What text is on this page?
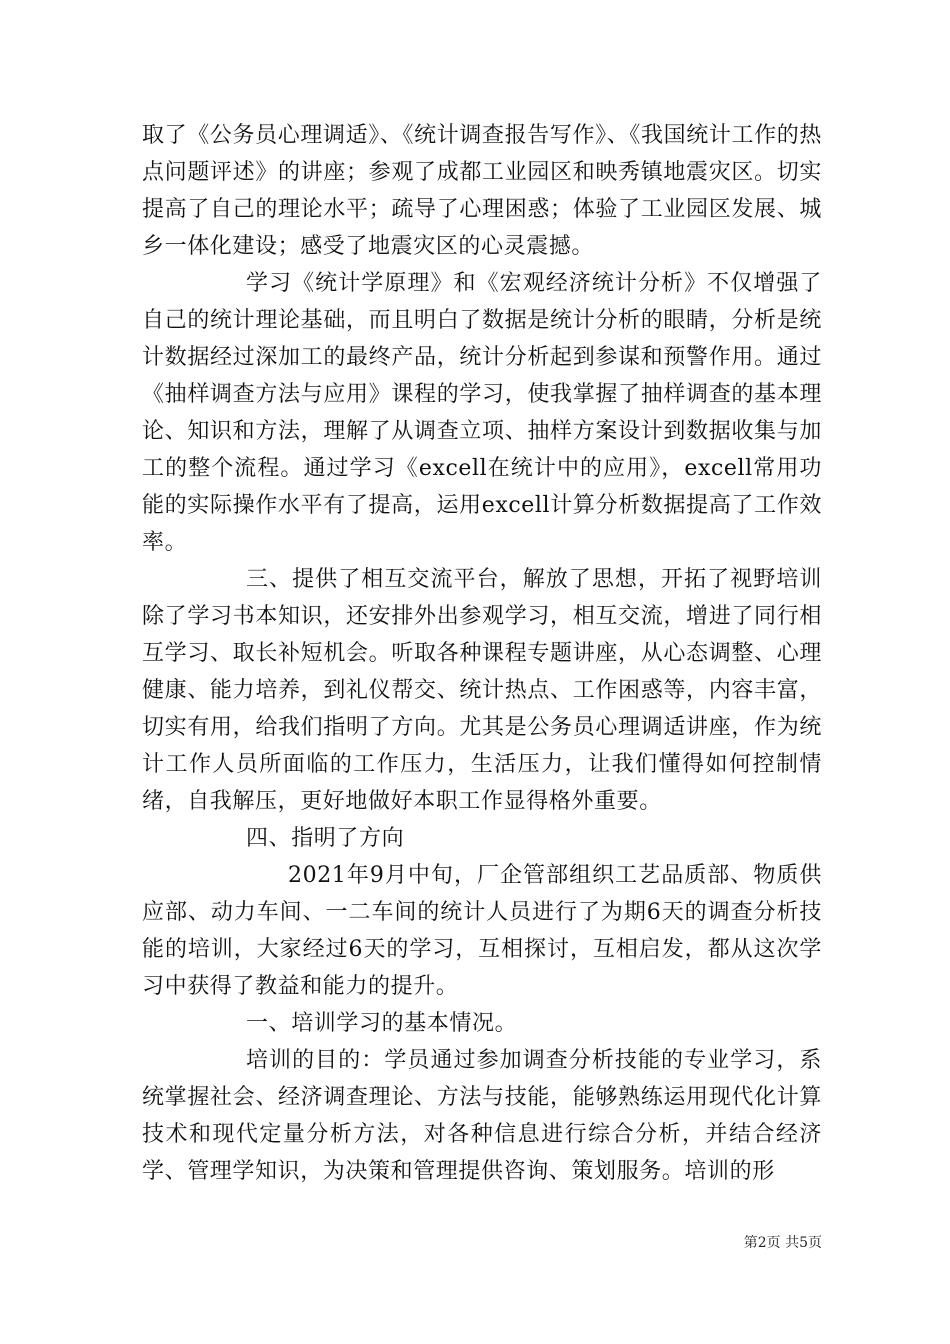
取了《公务员心理调适》、《统计调查报告写作》、《我国统计工作的热点问题评述》的讲座；参观了成都工业园区和映秀镇地震灾区。切实提高了自己的理论水平；疏导了心理困惑；体验了工业园区发展、城乡一体化建设；感受了地震灾区的心灵震撼。

学习《统计学原理》和《宏观经济统计分析》不仅增强了自己的统计理论基础，而且明白了数据是统计分析的眼睛，分析是统计数据经过深加工的最终产品，统计分析起到参谋和预警作用。通过《抽样调查方法与应用》课程的学习，使我掌握了抽样调查的基本理论、知识和方法，理解了从调查立项、抽样方案设计到数据收集与加工的整个流程。通过学习《excell在统计中的应用》，excell常用功能的实际操作水平有了提高，运用excell计算分析数据提高了工作效率。

三、提供了相互交流平台，解放了思想，开拓了视野培训除了学习书本知识，还安排外出参观学习，相互交流，增进了同行相互学习、取长补短机会。听取各种课程专题讲座，从心态调整、心理健康、能力培养，到礼仪帮交、统计热点、工作困惑等，内容丰富，切实有用，给我们指明了方向。尤其是公务员心理调适讲座，作为统计工作人员所面临的工作压力，生活压力，让我们懂得如何控制情绪，自我解压，更好地做好本职工作显得格外重要。

四、指明了方向

2021年9月中旬，厂企管部组织工艺品质部、物质供应部、动力车间、一二车间的统计人员进行了为期6天的调查分析技能的培训，大家经过6天的学习，互相探讨，互相启发，都从这次学习中获得了教益和能力的提升。

一、培训学习的基本情况。

培训的目的：学员通过参加调查分析技能的专业学习，系统掌握社会、经济调查理论、方法与技能，能够熟练运用现代化计算技术和现代定量分析方法，对各种信息进行综合分析，并结合经济学、管理学知识，为决策和管理提供咨询、策划服务。培训的形

第2页 共5页
